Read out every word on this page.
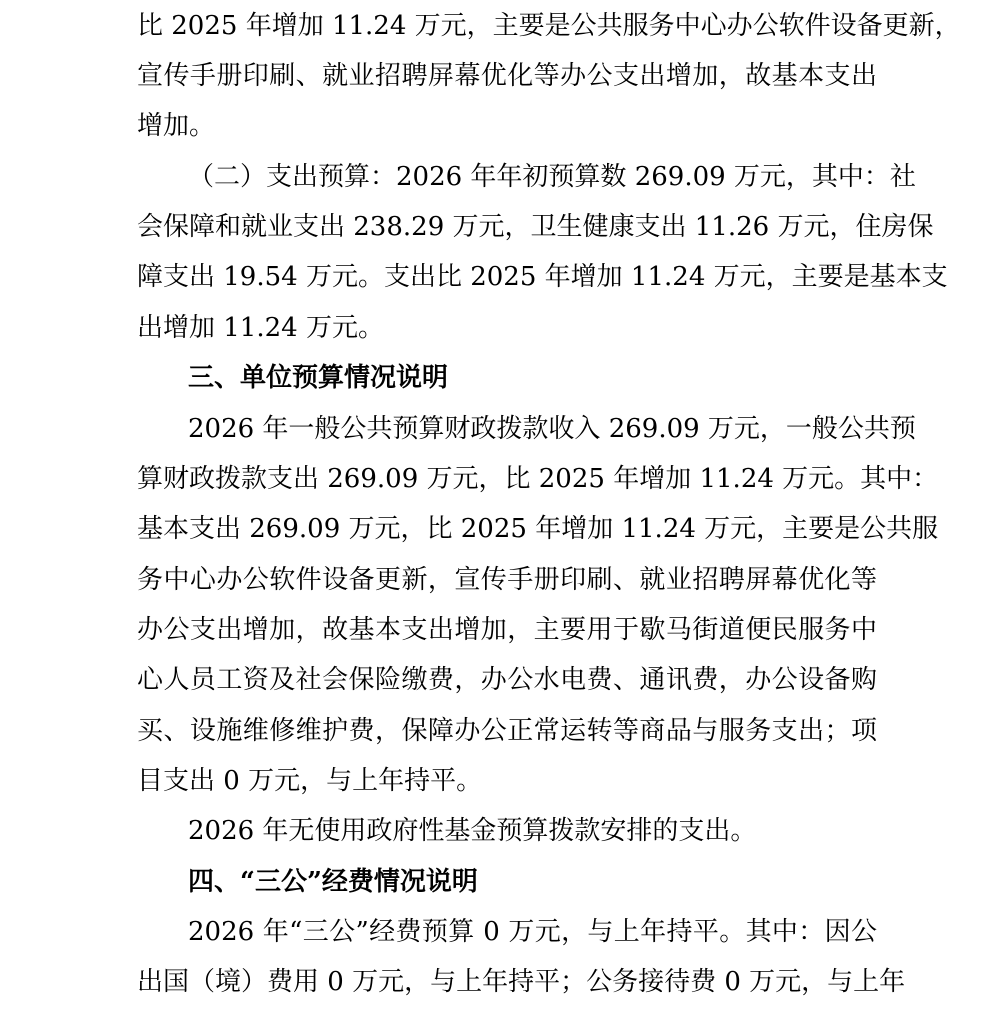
比 2025 年增加 11.24 万元，主要是公共服务中心办公软件设备更新，
宣传手册印刷、就业招聘屏幕优化等办公支出增加，故基本支出
增加。
（二）支出预算：2026 年年初预算数 269.09 万元，其中：社
会保障和就业支出 238.29 万元，卫生健康支出 11.26 万元，住房保
障支出 19.54 万元。支出比 2025 年增加 11.24 万元，主要是基本支
出增加 11.24 万元。
三、单位预算情况说明
2026 年一般公共预算财政拨款收入 269.09 万元，一般公共预
算财政拨款支出 269.09 万元，比 2025 年增加 11.24 万元。其中：
基本支出 269.09 万元，比 2025 年增加 11.24 万元，主要是公共服
务中心办公软件设备更新，宣传手册印刷、就业招聘屏幕优化等
办公支出增加，故基本支出增加，主要用于歇马街道便民服务中
心人员工资及社会保险缴费，办公水电费、通讯费，办公设备购
买、设施维修维护费，保障办公正常运转等商品与服务支出；项
目支出 0 万元，与上年持平。
2026 年无使用政府性基金预算拨款安排的支出。
四、“三公”经费情况说明
2026 年“三公”经费预算 0 万元，与上年持平。其中：因公
出国（境）费用 0 万元，与上年持平；公务接待费 0 万元，与上年
